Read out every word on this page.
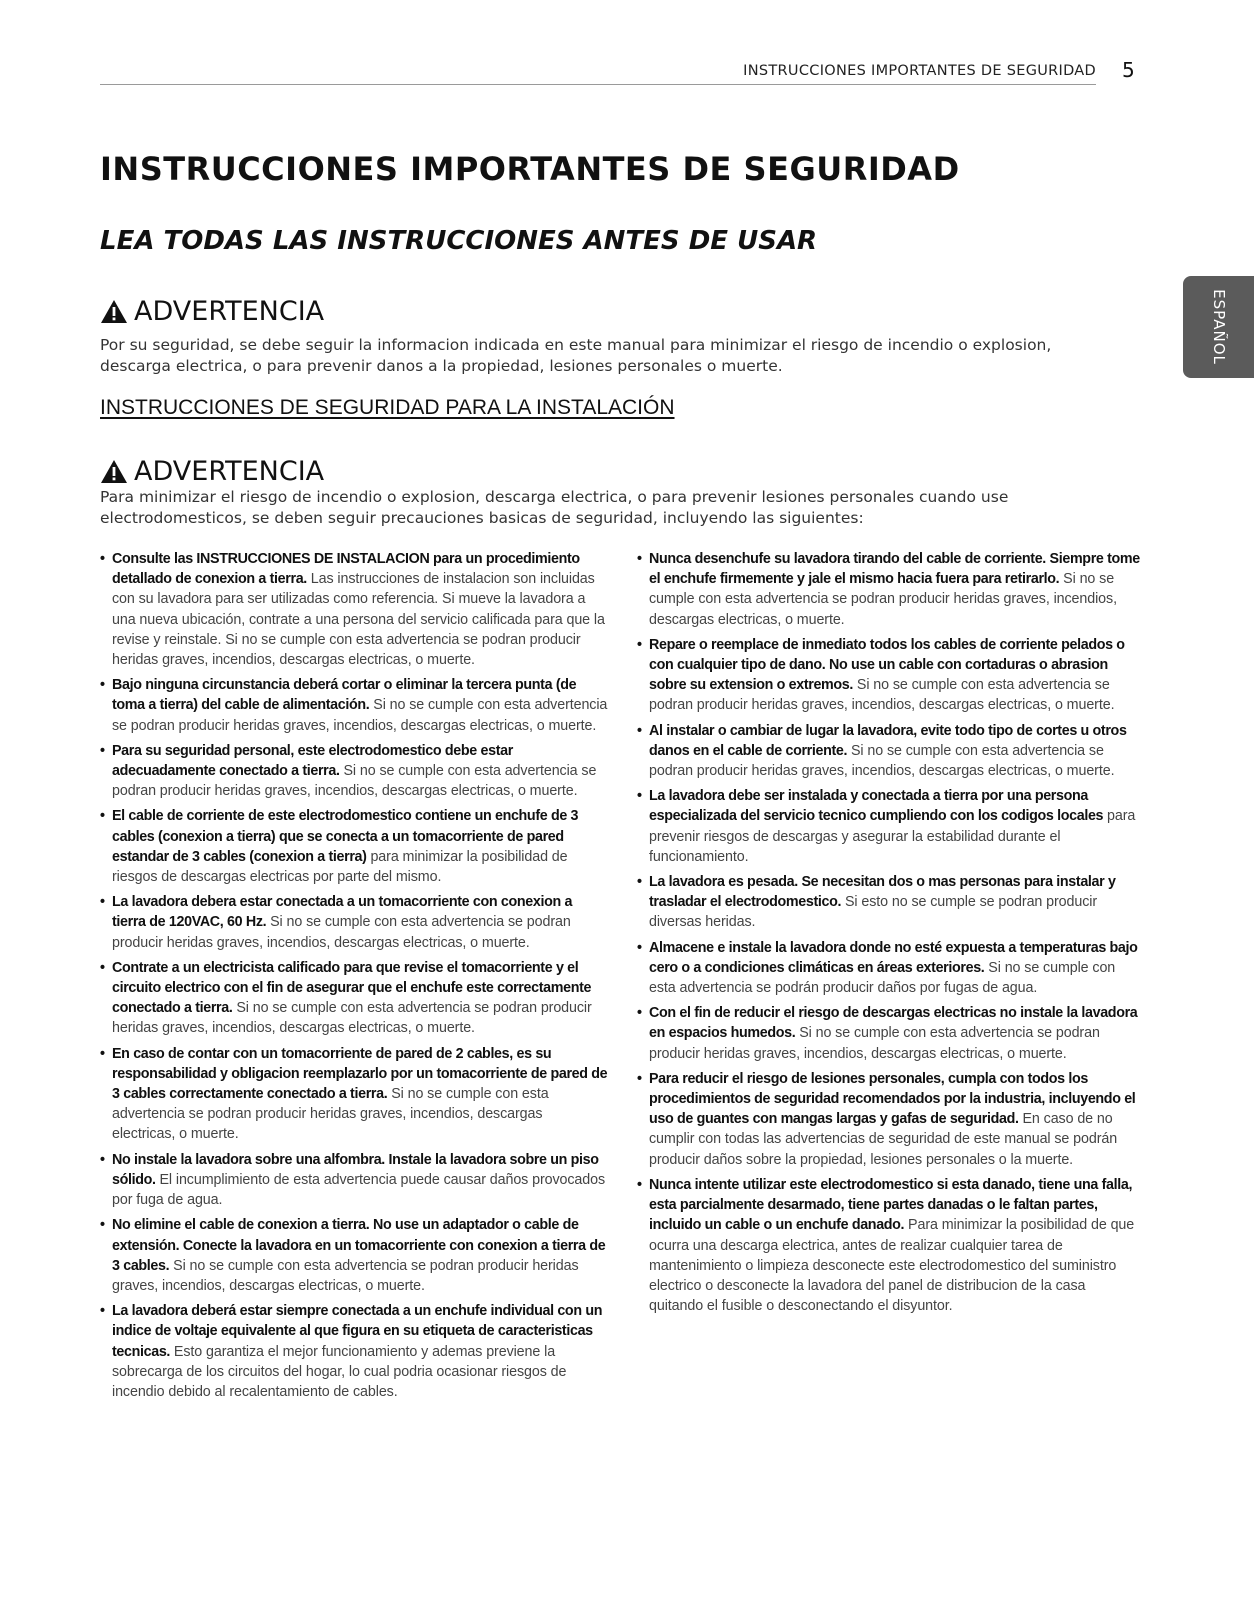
INSTRUCCIONES IMPORTANTES DE SEGURIDAD 5
ESPAÑOL
INSTRUCCIONES IMPORTANTES DE SEGURIDAD
LEA TODAS LAS INSTRUCCIONES ANTES DE USAR
ADVERTENCIA

Por su seguridad, se debe seguir la informacion indicada en este manual para minimizar el riesgo de incendio o explosion, descarga electrica, o para prevenir danos a la propiedad, lesiones personales o muerte.

INSTRUCCIONES DE SEGURIDAD PARA LA INSTALACIÓN
ADVERTENCIA

Para minimizar el riesgo de incendio o explosion, descarga electrica, o para prevenir lesiones personales cuando use electrodomesticos, se deben seguir precauciones basicas de seguridad, incluyendo las siguientes:

• Consulte las INSTRUCCIONES DE INSTALACION para un procedimiento detallado de conexion a tierra. Las instrucciones de instalacion son incluidas con su lavadora para ser utilizadas como referencia. Si mueve la lavadora a una nueva ubicación, contrate a una persona del servicio calificada para que la revise y reinstale. Si no se cumple con esta advertencia se podran producir heridas graves, incendios, descargas electricas, o muerte.
• Bajo ninguna circunstancia deberá cortar o eliminar la tercera punta (de toma a tierra) del cable de alimentación. Si no se cumple con esta advertencia se podran producir heridas graves, incendios, descargas electricas, o muerte.
• Para su seguridad personal, este electrodomestico debe estar adecuadamente conectado a tierra. Si no se cumple con esta advertencia se podran producir heridas graves, incendios, descargas electricas, o muerte.
• El cable de corriente de este electrodomestico contiene un enchufe de 3 cables (conexion a tierra) que se conecta a un tomacorriente de pared estandar de 3 cables (conexion a tierra) para minimizar la posibilidad de riesgos de descargas electricas por parte del mismo.
• La lavadora debera estar conectada a un tomacorriente con conexion a tierra de 120VAC, 60 Hz. Si no se cumple con esta advertencia se podran producir heridas graves, incendios, descargas electricas, o muerte.
• Contrate a un electricista calificado para que revise el tomacorriente y el circuito electrico con el fin de asegurar que el enchufe este correctamente conectado a tierra. Si no se cumple con esta advertencia se podran producir heridas graves, incendios, descargas electricas, o muerte.
• En caso de contar con un tomacorriente de pared de 2 cables, es su responsabilidad y obligacion reemplazarlo por un tomacorriente de pared de 3 cables correctamente conectado a tierra. Si no se cumple con esta advertencia se podran producir heridas graves, incendios, descargas electricas, o muerte.
• No instale la lavadora sobre una alfombra. Instale la lavadora sobre un piso sólido. El incumplimiento de esta advertencia puede causar daños provocados por fuga de agua.
• No elimine el cable de conexion a tierra. No use un adaptador o cable de extensión. Conecte la lavadora en un tomacorriente con conexion a tierra de 3 cables. Si no se cumple con esta advertencia se podran producir heridas graves, incendios, descargas electricas, o muerte.
• La lavadora deberá estar siempre conectada a un enchufe individual con un indice de voltaje equivalente al que figura en su etiqueta de caracteristicas tecnicas. Esto garantiza el mejor funcionamiento y ademas previene la sobrecarga de los circuitos del hogar, lo cual podria ocasionar riesgos de incendio debido al recalentamiento de cables.
• Nunca desenchufe su lavadora tirando del cable de corriente. Siempre tome el enchufe firmemente y jale el mismo hacia fuera para retirarlo. Si no se cumple con esta advertencia se podran producir heridas graves, incendios, descargas electricas, o muerte.
• Repare o reemplace de inmediato todos los cables de corriente pelados o con cualquier tipo de dano. No use un cable con cortaduras o abrasion sobre su extension o extremos. Si no se cumple con esta advertencia se podran producir heridas graves, incendios, descargas electricas, o muerte.
• Al instalar o cambiar de lugar la lavadora, evite todo tipo de cortes u otros danos en el cable de corriente. Si no se cumple con esta advertencia se podran producir heridas graves, incendios, descargas electricas, o muerte.
• La lavadora debe ser instalada y conectada a tierra por una persona especializada del servicio tecnico cumpliendo con los codigos locales para prevenir riesgos de descargas y asegurar la estabilidad durante el funcionamiento.
• La lavadora es pesada. Se necesitan dos o mas personas para instalar y trasladar el electrodomestico. Si esto no se cumple se podran producir diversas heridas.
• Almacene e instale la lavadora donde no esté expuesta a temperaturas bajo cero o a condiciones climáticas en áreas exteriores. Si no se cumple con esta advertencia se podrán producir daños por fugas de agua.
• Con el fin de reducir el riesgo de descargas electricas no instale la lavadora en espacios humedos. Si no se cumple con esta advertencia se podran producir heridas graves, incendios, descargas electricas, o muerte.
• Para reducir el riesgo de lesiones personales, cumpla con todos los procedimientos de seguridad recomendados por la industria, incluyendo el uso de guantes con mangas largas y gafas de seguridad. En caso de no cumplir con todas las advertencias de seguridad de este manual se podrán producir daños sobre la propiedad, lesiones personales o la muerte.
• Nunca intente utilizar este electrodomestico si esta danado, tiene una falla, esta parcialmente desarmado, tiene partes danadas o le faltan partes, incluido un cable o un enchufe danado. Para minimizar la posibilidad de que ocurra una descarga electrica, antes de realizar cualquier tarea de mantenimiento o limpieza desconecte este electrodomestico del suministro electrico o desconecte la lavadora del panel de distribucion de la casa quitando el fusible o desconectando el disyuntor.
